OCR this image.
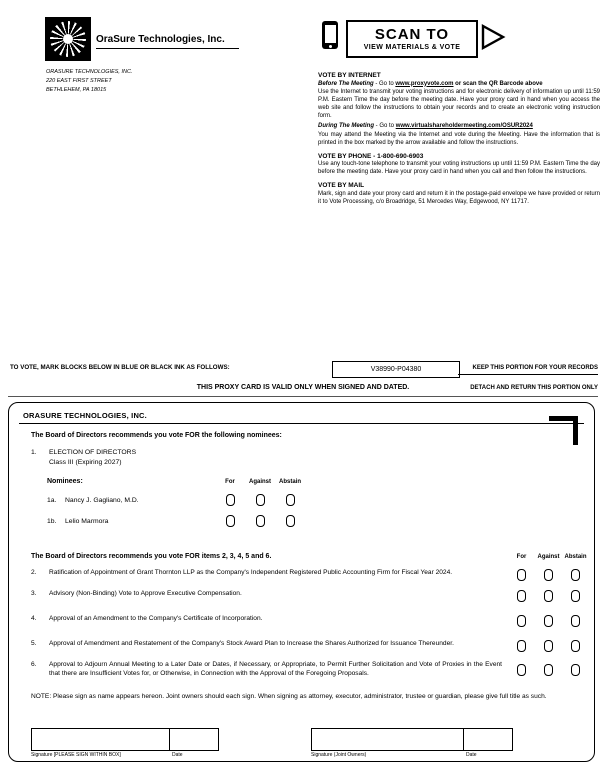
OraSure Technologies, Inc.
ORASURE TECHNOLOGIES, INC.
220 EAST FIRST STREET
BETHLEHEM, PA 18015
SCAN TO
VIEW MATERIALS & VOTE
VOTE BY INTERNET
Before The Meeting - Go to www.proxyvote.com or scan the QR Barcode above

Use the Internet to transmit your voting instructions and for electronic delivery of information up until 11:59 P.M. Eastern Time the day before the meeting date. Have your proxy card in hand when you access the web site and follow the instructions to obtain your records and to create an electronic voting instruction form.

During The Meeting - Go to www.virtualshareholdermeeting.com/OSUR2024

You may attend the Meeting via the Internet and vote during the Meeting. Have the information that is printed in the box marked by the arrow available and follow the instructions.

VOTE BY PHONE - 1-800-690-6903

Use any touch-tone telephone to transmit your voting instructions up until 11:59 P.M. Eastern Time the day before the meeting date. Have your proxy card in hand when you call and then follow the instructions.

VOTE BY MAIL

Mark, sign and date your proxy card and return it in the postage-paid envelope we have provided or return it to Vote Processing, c/o Broadridge, 51 Mercedes Way, Edgewood, NY 11717.

TO VOTE, MARK BLOCKS BELOW IN BLUE OR BLACK INK AS FOLLOWS:	V38990-P04380	KEEP THIS PORTION FOR YOUR RECORDS
THIS PROXY CARD IS VALID ONLY WHEN SIGNED AND DATED.	DETACH AND RETURN THIS PORTION ONLY
ORASURE TECHNOLOGIES, INC.
The Board of Directors recommends you vote FOR the following nominees:
1.	ELECTION OF DIRECTORS
Class III (Expiring 2027)
Nominees:	For	Against	Abstain
1a.	Nancy J. Gagliano, M.D.
1b.	Lelio Marmora
The Board of Directors recommends you vote FOR items 2, 3, 4, 5 and 6.	For	Against Abstain
2.	Ratification of Appointment of Grant Thornton LLP as the Company's Independent Registered Public Accounting Firm for Fiscal Year 2024.
3.	Advisory (Non-Binding) Vote to Approve Executive Compensation.
4.	Approval of an Amendment to the Company's Certificate of Incorporation.
5.	Approval of Amendment and Restatement of the Company's Stock Award Plan to Increase the Shares Authorized for Issuance Thereunder.
6.	Approval to Adjourn Annual Meeting to a Later Date or Dates, if Necessary, or Appropriate, to Permit Further Solicitation and Vote of Proxies in the Event that there are Insufficient Votes for, or Otherwise, in Connection with the Approval of the Foregoing Proposals.
NOTE: Please sign as name appears hereon. Joint owners should each sign. When signing as attorney, executor, administrator, trustee or guardian, please give full title as such.
Signature [PLEASE SIGN WITHIN BOX]	Date	Signature (Joint Owners)	Date
